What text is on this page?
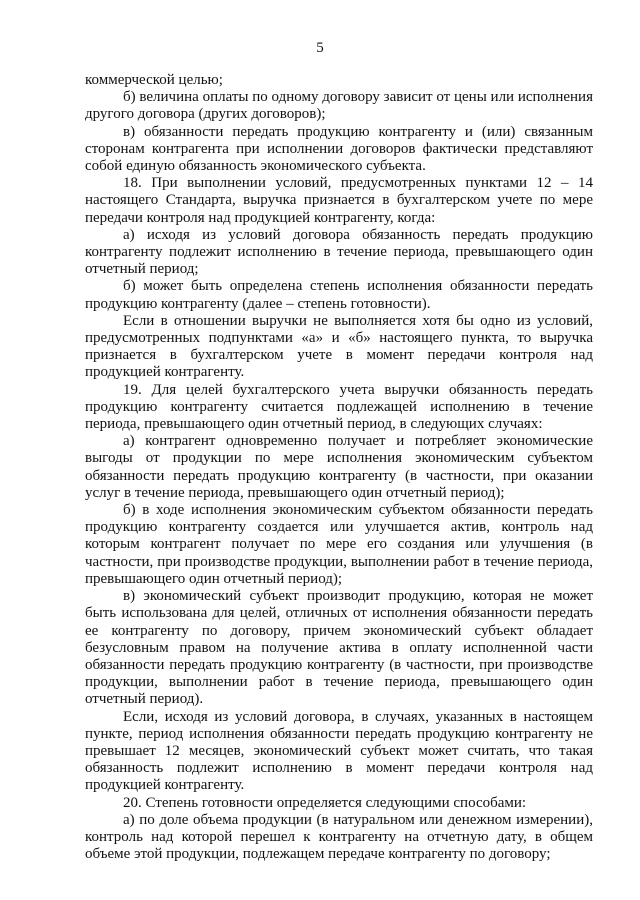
5

коммерческой целью;

б) величина оплаты по одному договору зависит от цены или исполнения другого договора (других договоров);

в) обязанности передать продукцию контрагенту и (или) связанным сторонам контрагента при исполнении договоров фактически представляют собой единую обязанность экономического субъекта.

18. При выполнении условий, предусмотренных пунктами 12 – 14 настоящего Стандарта, выручка признается в бухгалтерском учете по мере передачи контроля над продукцией контрагенту, когда:

а) исходя из условий договора обязанность передать продукцию контрагенту подлежит исполнению в течение периода, превышающего один отчетный период;

б) может быть определена степень исполнения обязанности передать продукцию контрагенту (далее – степень готовности).

Если в отношении выручки не выполняется хотя бы одно из условий, предусмотренных подпунктами «а» и «б» настоящего пункта, то выручка признается в бухгалтерском учете в момент передачи контроля над продукцией контрагенту.

19. Для целей бухгалтерского учета выручки обязанность передать продукцию контрагенту считается подлежащей исполнению в течение периода, превышающего один отчетный период, в следующих случаях:

а) контрагент одновременно получает и потребляет экономические выгоды от продукции по мере исполнения экономическим субъектом обязанности передать продукцию контрагенту (в частности, при оказании услуг в течение периода, превышающего один отчетный период);

б) в ходе исполнения экономическим субъектом обязанности передать продукцию контрагенту создается или улучшается актив, контроль над которым контрагент получает по мере его создания или улучшения (в частности, при производстве продукции, выполнении работ в течение периода, превышающего один отчетный период);

в) экономический субъект производит продукцию, которая не может быть использована для целей, отличных от исполнения обязанности передать ее контрагенту по договору, причем экономический субъект обладает безусловным правом на получение актива в оплату исполненной части обязанности передать продукцию контрагенту (в частности, при производстве продукции, выполнении работ в течение периода, превышающего один отчетный период).

Если, исходя из условий договора, в случаях, указанных в настоящем пункте, период исполнения обязанности передать продукцию контрагенту не превышает 12 месяцев, экономический субъект может считать, что такая обязанность подлежит исполнению в момент передачи контроля над продукцией контрагенту.

20. Степень готовности определяется следующими способами:

а) по доле объема продукции (в натуральном или денежном измерении), контроль над которой перешел к контрагенту на отчетную дату, в общем объеме этой продукции, подлежащем передаче контрагенту по договору;
